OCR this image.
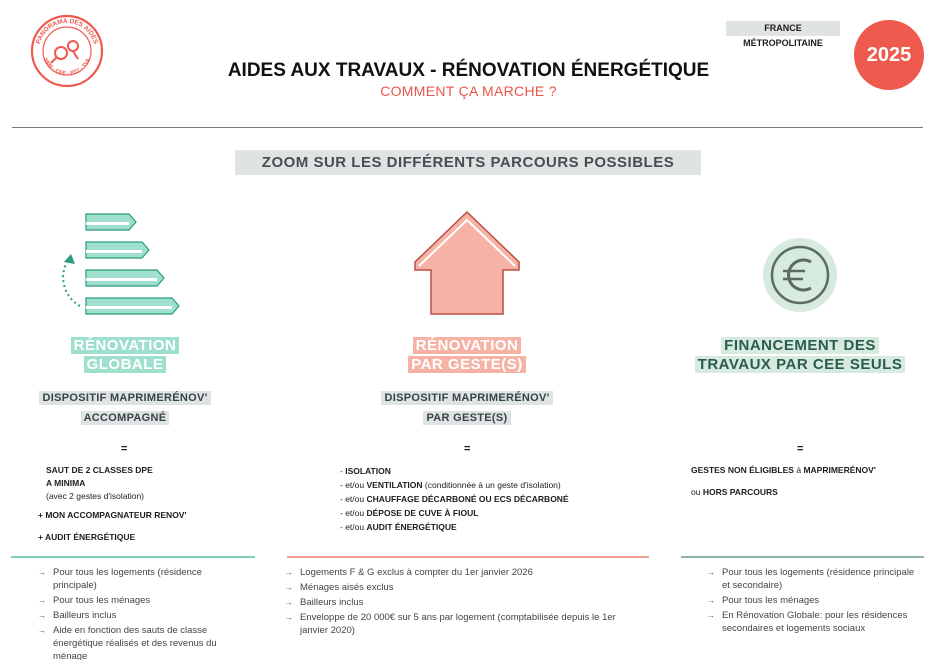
PANORAMA DES AIDES
MPR · CEE · PTZ · TVA
FRANCE MÉTROPOLITAINE
2025
AIDES AUX TRAVAUX - RÉNOVATION ÉNERGÉTIQUE
COMMENT ÇA MARCHE ?
ZOOM SUR LES DIFFÉRENTS PARCOURS POSSIBLES
RÉNOVATION
GLOBALE
RÉNOVATION
PAR GESTE(S)
FINANCEMENT DES
TRAVAUX PAR CEE SEULS
DISPOSITIF MAPRIMERÉNOV'
ACCOMPAGNÉ
DISPOSITIF MAPRIMERÉNOV'
PAR GESTE(S)
=	=	=
SAUT DE 2 CLASSES DPE
A MINIMA
(avec 2 gestes d'isolation)
+ MON ACCOMPAGNATEUR RENOV'
+ AUDIT ÉNERGÉTIQUE
- ISOLATION
- et/ou VENTILATION (conditionnée à un geste d'isolation)
- et/ou CHAUFFAGE DÉCARBONÉ OU ECS DÉCARBONÉ
- et/ou DÉPOSE DE CUVE À FIOUL
- et/ou AUDIT ÉNERGÉTIQUE
GESTES NON ÉLIGIBLES à MAPRIMERÉNOV'
ou HORS PARCOURS
→ Pour tous les logements (résidence principale)
→ Pour tous les ménages
→ Bailleurs inclus
→ Aide en fonction des sauts de classe énergétique réalisés et des revenus du ménage
→ Logements F & G exclus à compter du 1er janvier 2026
→ Ménages aisés exclus
→ Bailleurs inclus
→ Enveloppe de 20 000€ sur 5 ans par logement (comptabilisée depuis le 1er janvier 2020)
→ Pour tous les logements (résidence principale et secondaire)
→ Pour tous les ménages
→ En Rénovation Globale: pour les résidences secondaires et logements sociaux
